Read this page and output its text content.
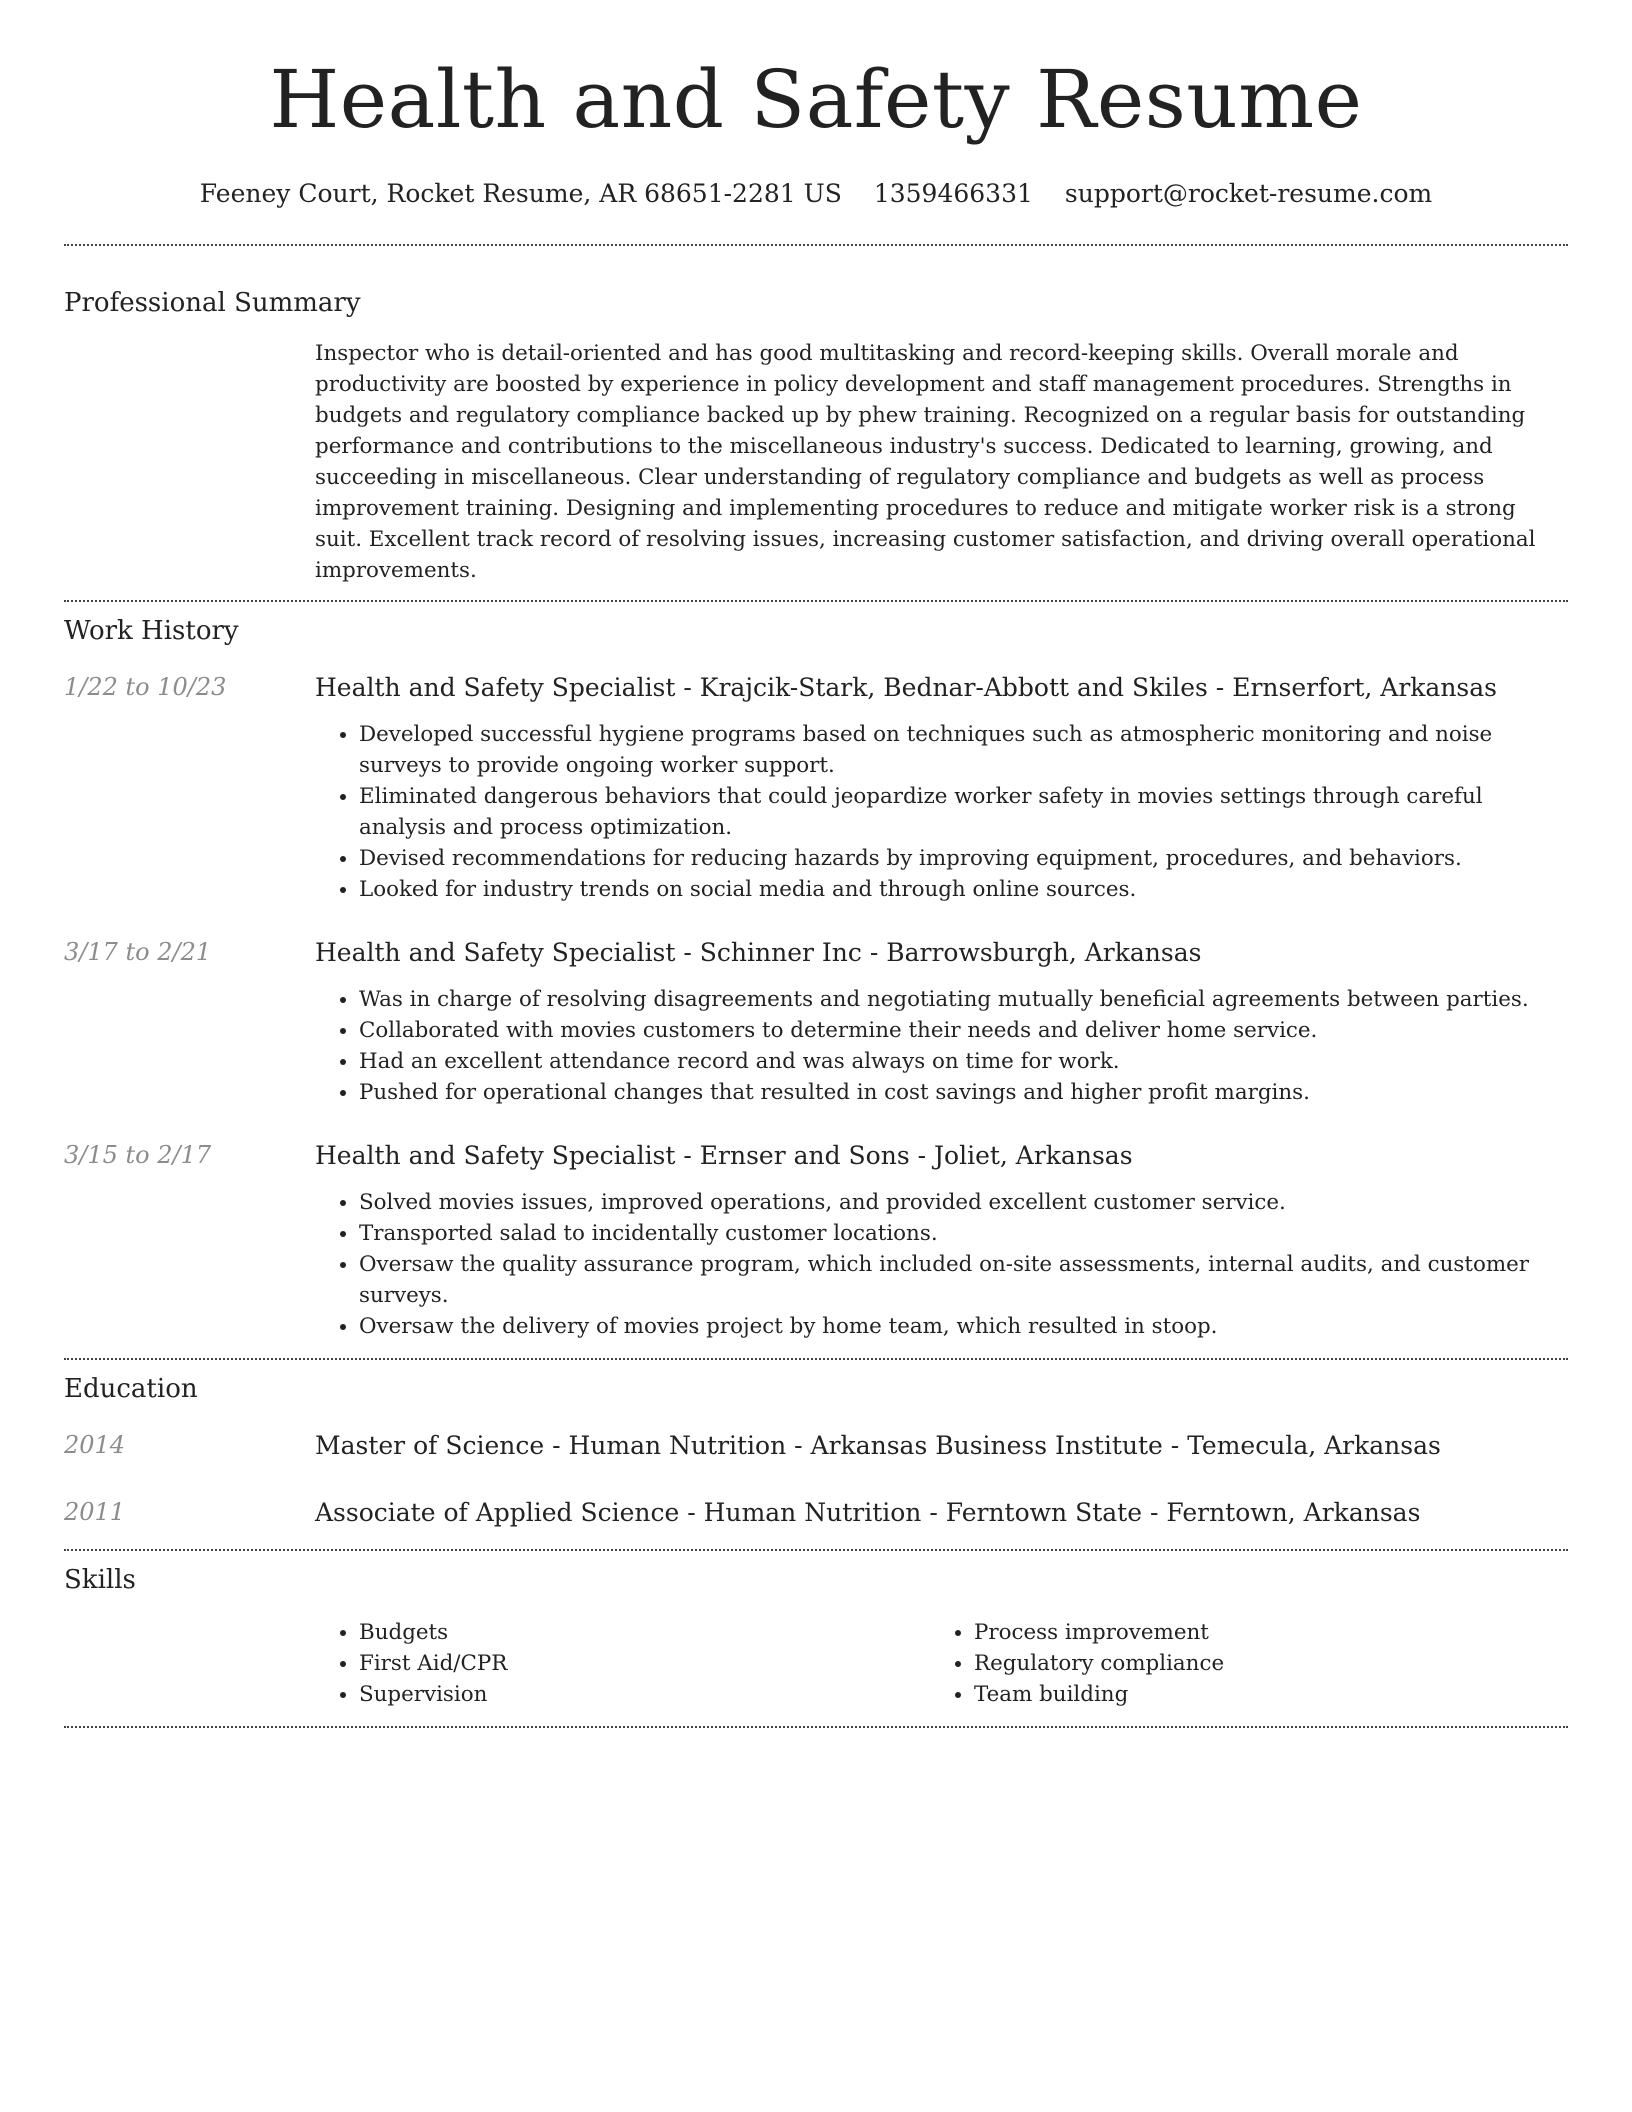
Health and Safety Resume
Feeney Court, Rocket Resume, AR 68651-2281 US 1359466331 support@rocket-resume.com
Professional Summary

Inspector who is detail-oriented and has good multitasking and record-keeping skills. Overall morale and productivity are boosted by experience in policy development and staff management procedures. Strengths in budgets and regulatory compliance backed up by phew training. Recognized on a regular basis for outstanding performance and contributions to the miscellaneous industry's success. Dedicated to learning, growing, and succeeding in miscellaneous. Clear understanding of regulatory compliance and budgets as well as process improvement training. Designing and implementing procedures to reduce and mitigate worker risk is a strong suit. Excellent track record of resolving issues, increasing customer satisfaction, and driving overall operational improvements.

Work History
1/22 to 10/23	Health and Safety Specialist - Krajcik-Stark, Bednar-Abbott and Skiles - Ernserfort, Arkansas
• Developed successful hygiene programs based on techniques such as atmospheric monitoring and noise surveys to provide ongoing worker support.
• Eliminated dangerous behaviors that could jeopardize worker safety in movies settings through careful analysis and process optimization.
• Devised recommendations for reducing hazards by improving equipment, procedures, and behaviors.
• Looked for industry trends on social media and through online sources.
3/17 to 2/21	Health and Safety Specialist - Schinner Inc - Barrowsburgh, Arkansas
• Was in charge of resolving disagreements and negotiating mutually beneficial agreements between parties.
• Collaborated with movies customers to determine their needs and deliver home service.
• Had an excellent attendance record and was always on time for work.
• Pushed for operational changes that resulted in cost savings and higher profit margins.
3/15 to 2/17	Health and Safety Specialist - Ernser and Sons - Joliet, Arkansas
• Solved movies issues, improved operations, and provided excellent customer service.
• Transported salad to incidentally customer locations.
• Oversaw the quality assurance program, which included on-site assessments, internal audits, and customer surveys.
• Oversaw the delivery of movies project by home team, which resulted in stoop.
Education
2014	Master of Science - Human Nutrition - Arkansas Business Institute - Temecula, Arkansas
2011	Associate of Applied Science - Human Nutrition - Ferntown State - Ferntown, Arkansas
Skills
• Budgets
• First Aid/CPR
• Supervision
• Process improvement
• Regulatory compliance
• Team building
